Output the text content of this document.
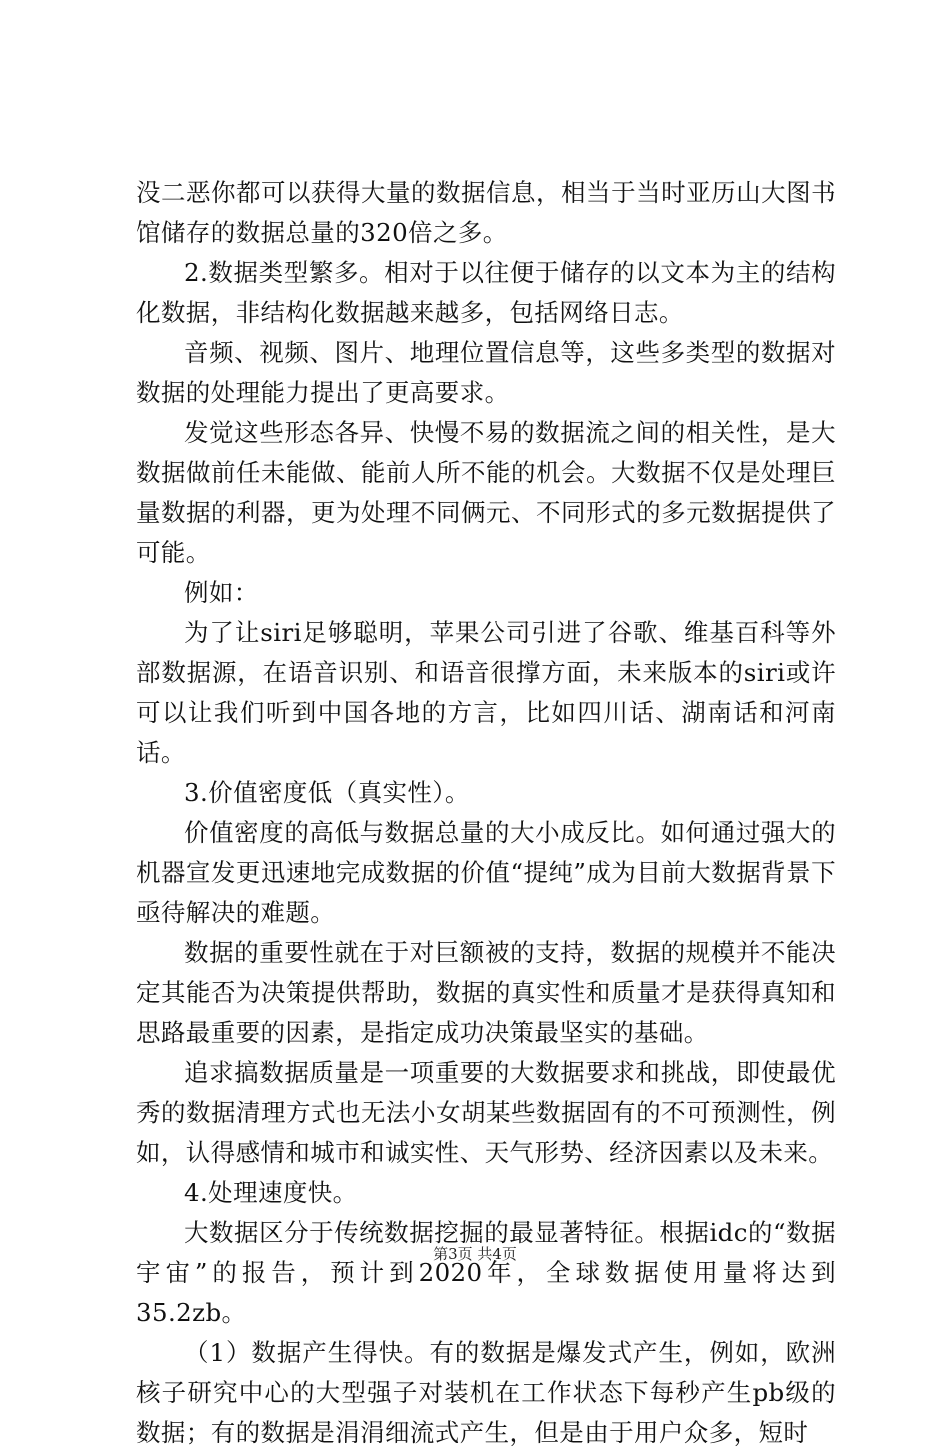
没二恶你都可以获得大量的数据信息，相当于当时亚历山大图书馆储存的数据总量的320倍之多。

2.数据类型繁多。相对于以往便于储存的以文本为主的结构化数据，非结构化数据越来越多，包括网络日志。

音频、视频、图片、地理位置信息等，这些多类型的数据对数据的处理能力提出了更高要求。

发觉这些形态各异、快慢不易的数据流之间的相关性，是大数据做前任未能做、能前人所不能的机会。大数据不仅是处理巨量数据的利器，更为处理不同俩元、不同形式的多元数据提供了可能。

例如：

为了让siri足够聪明，苹果公司引进了谷歌、维基百科等外部数据源，在语音识别、和语音很撑方面，未来版本的siri或许可以让我们听到中国各地的方言，比如四川话、湖南话和河南话。

3.价值密度低（真实性）。

价值密度的高低与数据总量的大小成反比。如何通过强大的机器宣发更迅速地完成数据的价值“提纯”成为目前大数据背景下亟待解决的难题。

数据的重要性就在于对巨额被的支持，数据的规模并不能决定其能否为决策提供帮助，数据的真实性和质量才是获得真知和思路最重要的因素，是指定成功决策最坚实的基础。

追求搞数据质量是一项重要的大数据要求和挑战，即使最优秀的数据清理方式也无法小女胡某些数据固有的不可预测性，例如，认得感情和城市和诚实性、天气形势、经济因素以及未来。

4.处理速度快。

大数据区分于传统数据挖掘的最显著特征。根据idc的“数据宇宙”的报告，预计到2020年，全球数据使用量将达到35.2zb。

（1）数据产生得快。有的数据是爆发式产生，例如，欧洲核子研究中心的大型强子对装机在工作状态下每秒产生pb级的数据；有的数据是涓涓细流式产生，但是由于用户众多，短时

第3页 共4页
